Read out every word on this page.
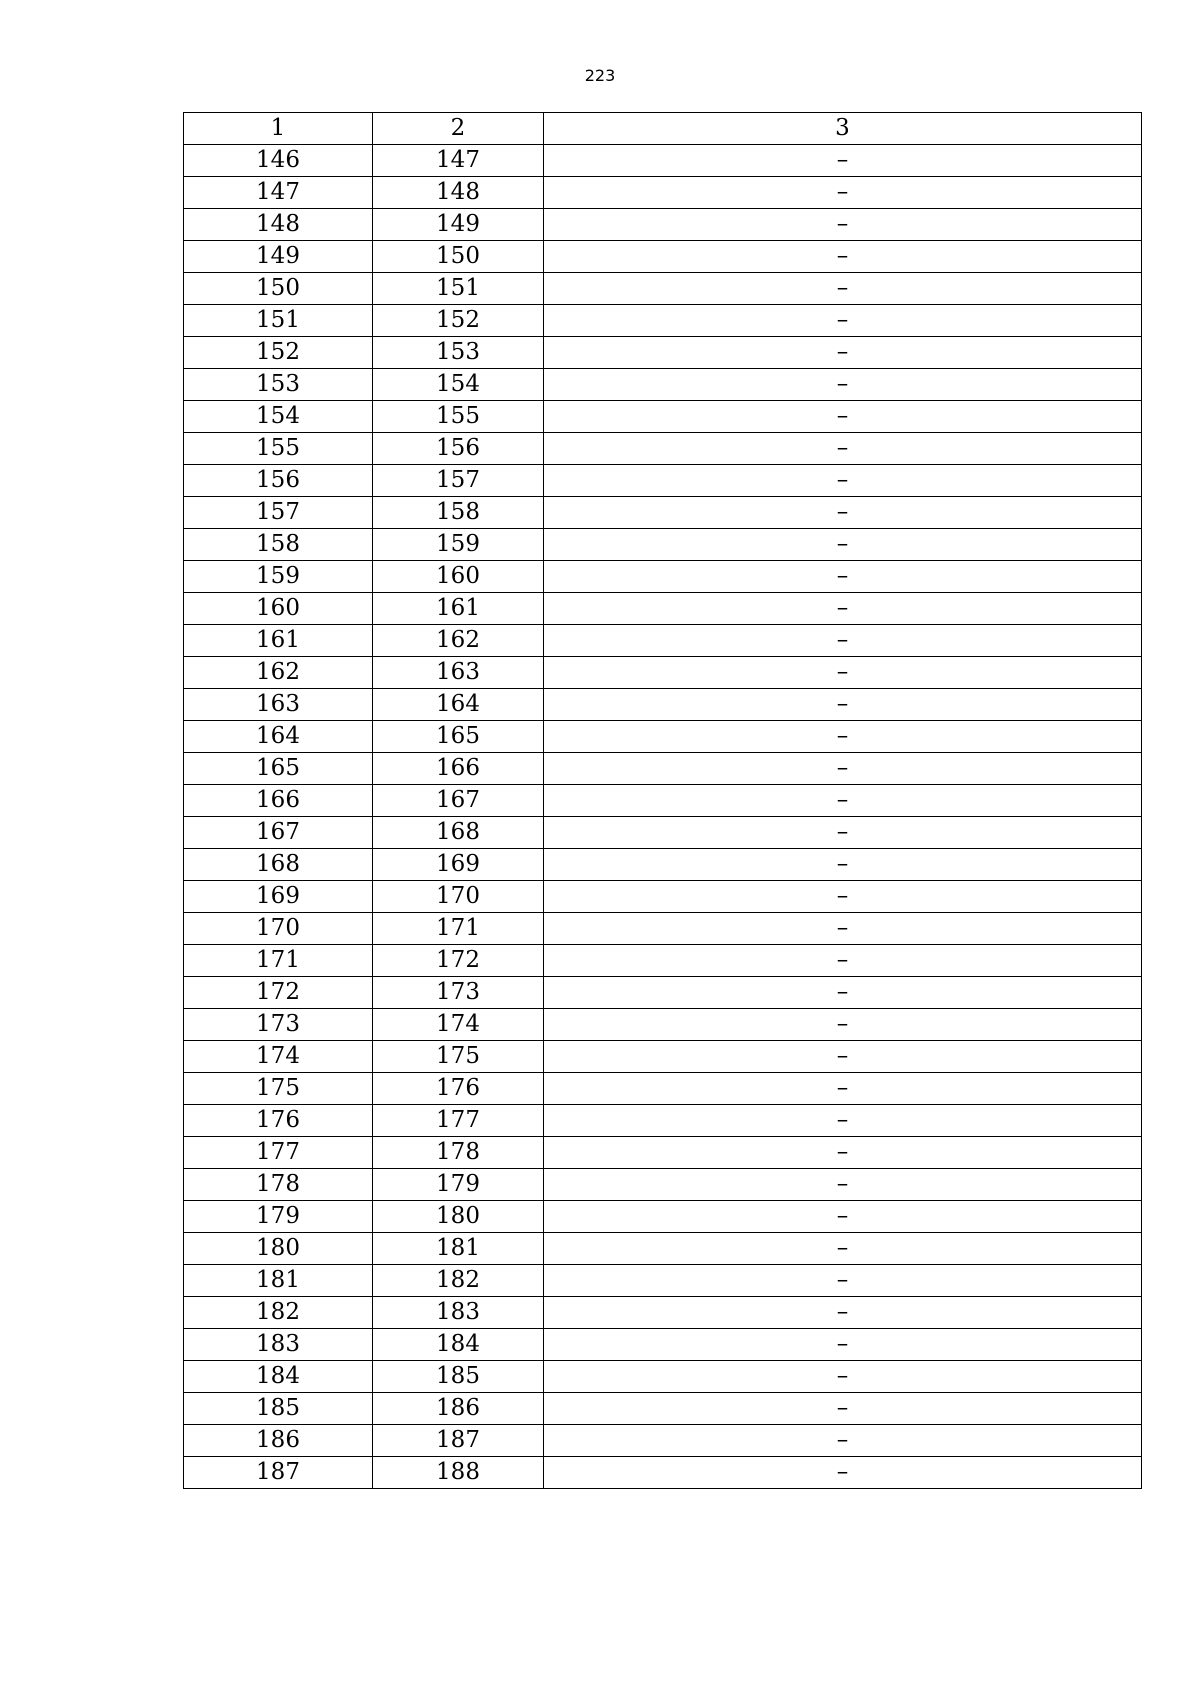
223
1	2	3
146	147	–
147	148	–
148	149	–
149	150	–
150	151	–
151	152	–
152	153	–
153	154	–
154	155	–
155	156	–
156	157	–
157	158	–
158	159	–
159	160	–
160	161	–
161	162	–
162	163	–
163	164	–
164	165	–
165	166	–
166	167	–
167	168	–
168	169	–
169	170	–
170	171	–
171	172	–
172	173	–
173	174	–
174	175	–
175	176	–
176	177	–
177	178	–
178	179	–
179	180	–
180	181	–
181	182	–
182	183	–
183	184	–
184	185	–
185	186	–
186	187	–
187	188	–
